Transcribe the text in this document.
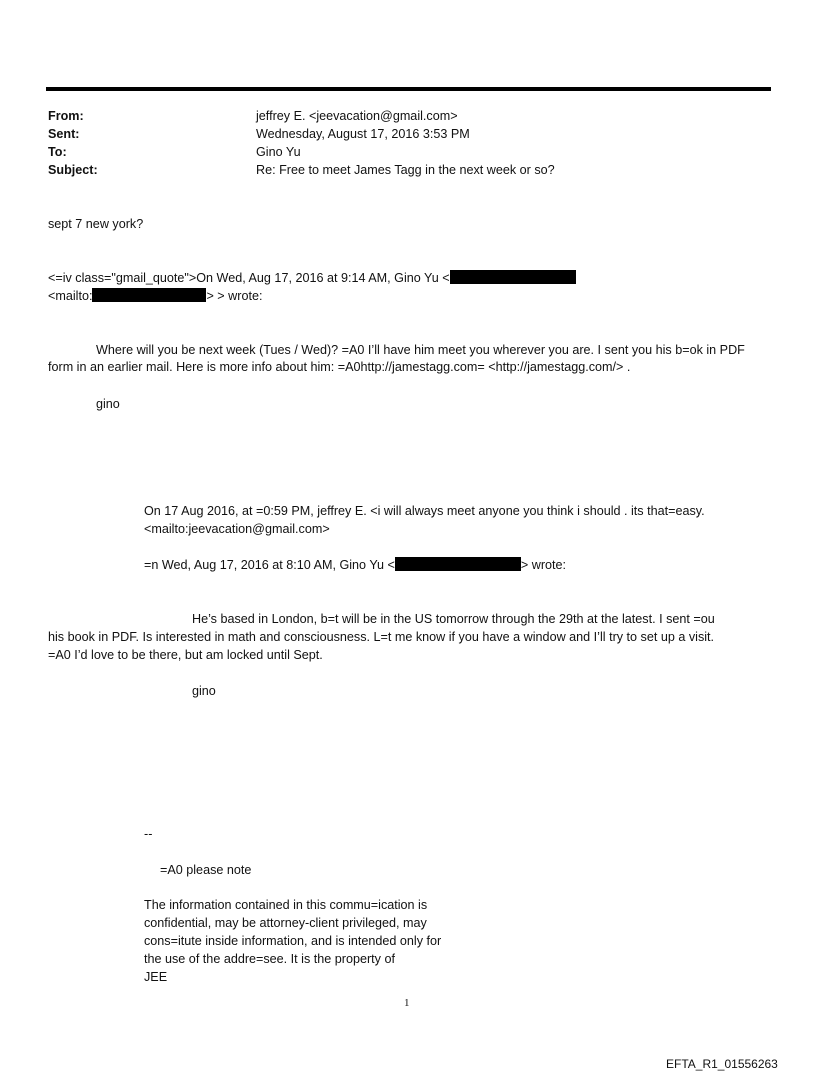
From:	jeffrey E. <jeevacation@gmail.com>
Sent:	Wednesday, August 17, 2016 3:53 PM
To:	Gino Yu
Subject:	Re: Free to meet James Tagg in the next week or so?
sept 7 new york?
<=iv class="gmail_quote">On Wed, Aug 17, 2016 at 9:14 AM, Gino Yu <
<mailto:	> > wrote:
Where will you be next week (Tues / Wed)? =A0 I’ll have him meet you wherever you are. I sent you his b=ok in PDF form in an earlier mail. Here is more info about him: =A0http://jamestagg.com= <http://jamestagg.com/> .
gino
On 17 Aug 2016, at =0:59 PM, jeffrey E. <i will always meet anyone you think i should . its that=easy.
<mailto:jeevacation@gmail.com>
=n Wed, Aug 17, 2016 at 8:10 AM, Gino Yu <	> wrote:
He’s based in London, b=t will be in the US tomorrow through the 29th at the latest. I sent =ou
his book in PDF. Is interested in math and consciousness. L=t me know if you have a window and I’ll try to set up a visit.
=A0 I’d love to be there, but am locked until Sept.
gino
--
=A0 please note
The information contained in this commu=ication is
confidential, may be attorney-client privileged, may
cons=itute inside information, and is intended only for
the use of the addre=see. It is the property of
JEE
1
EFTA_R1_01556263
